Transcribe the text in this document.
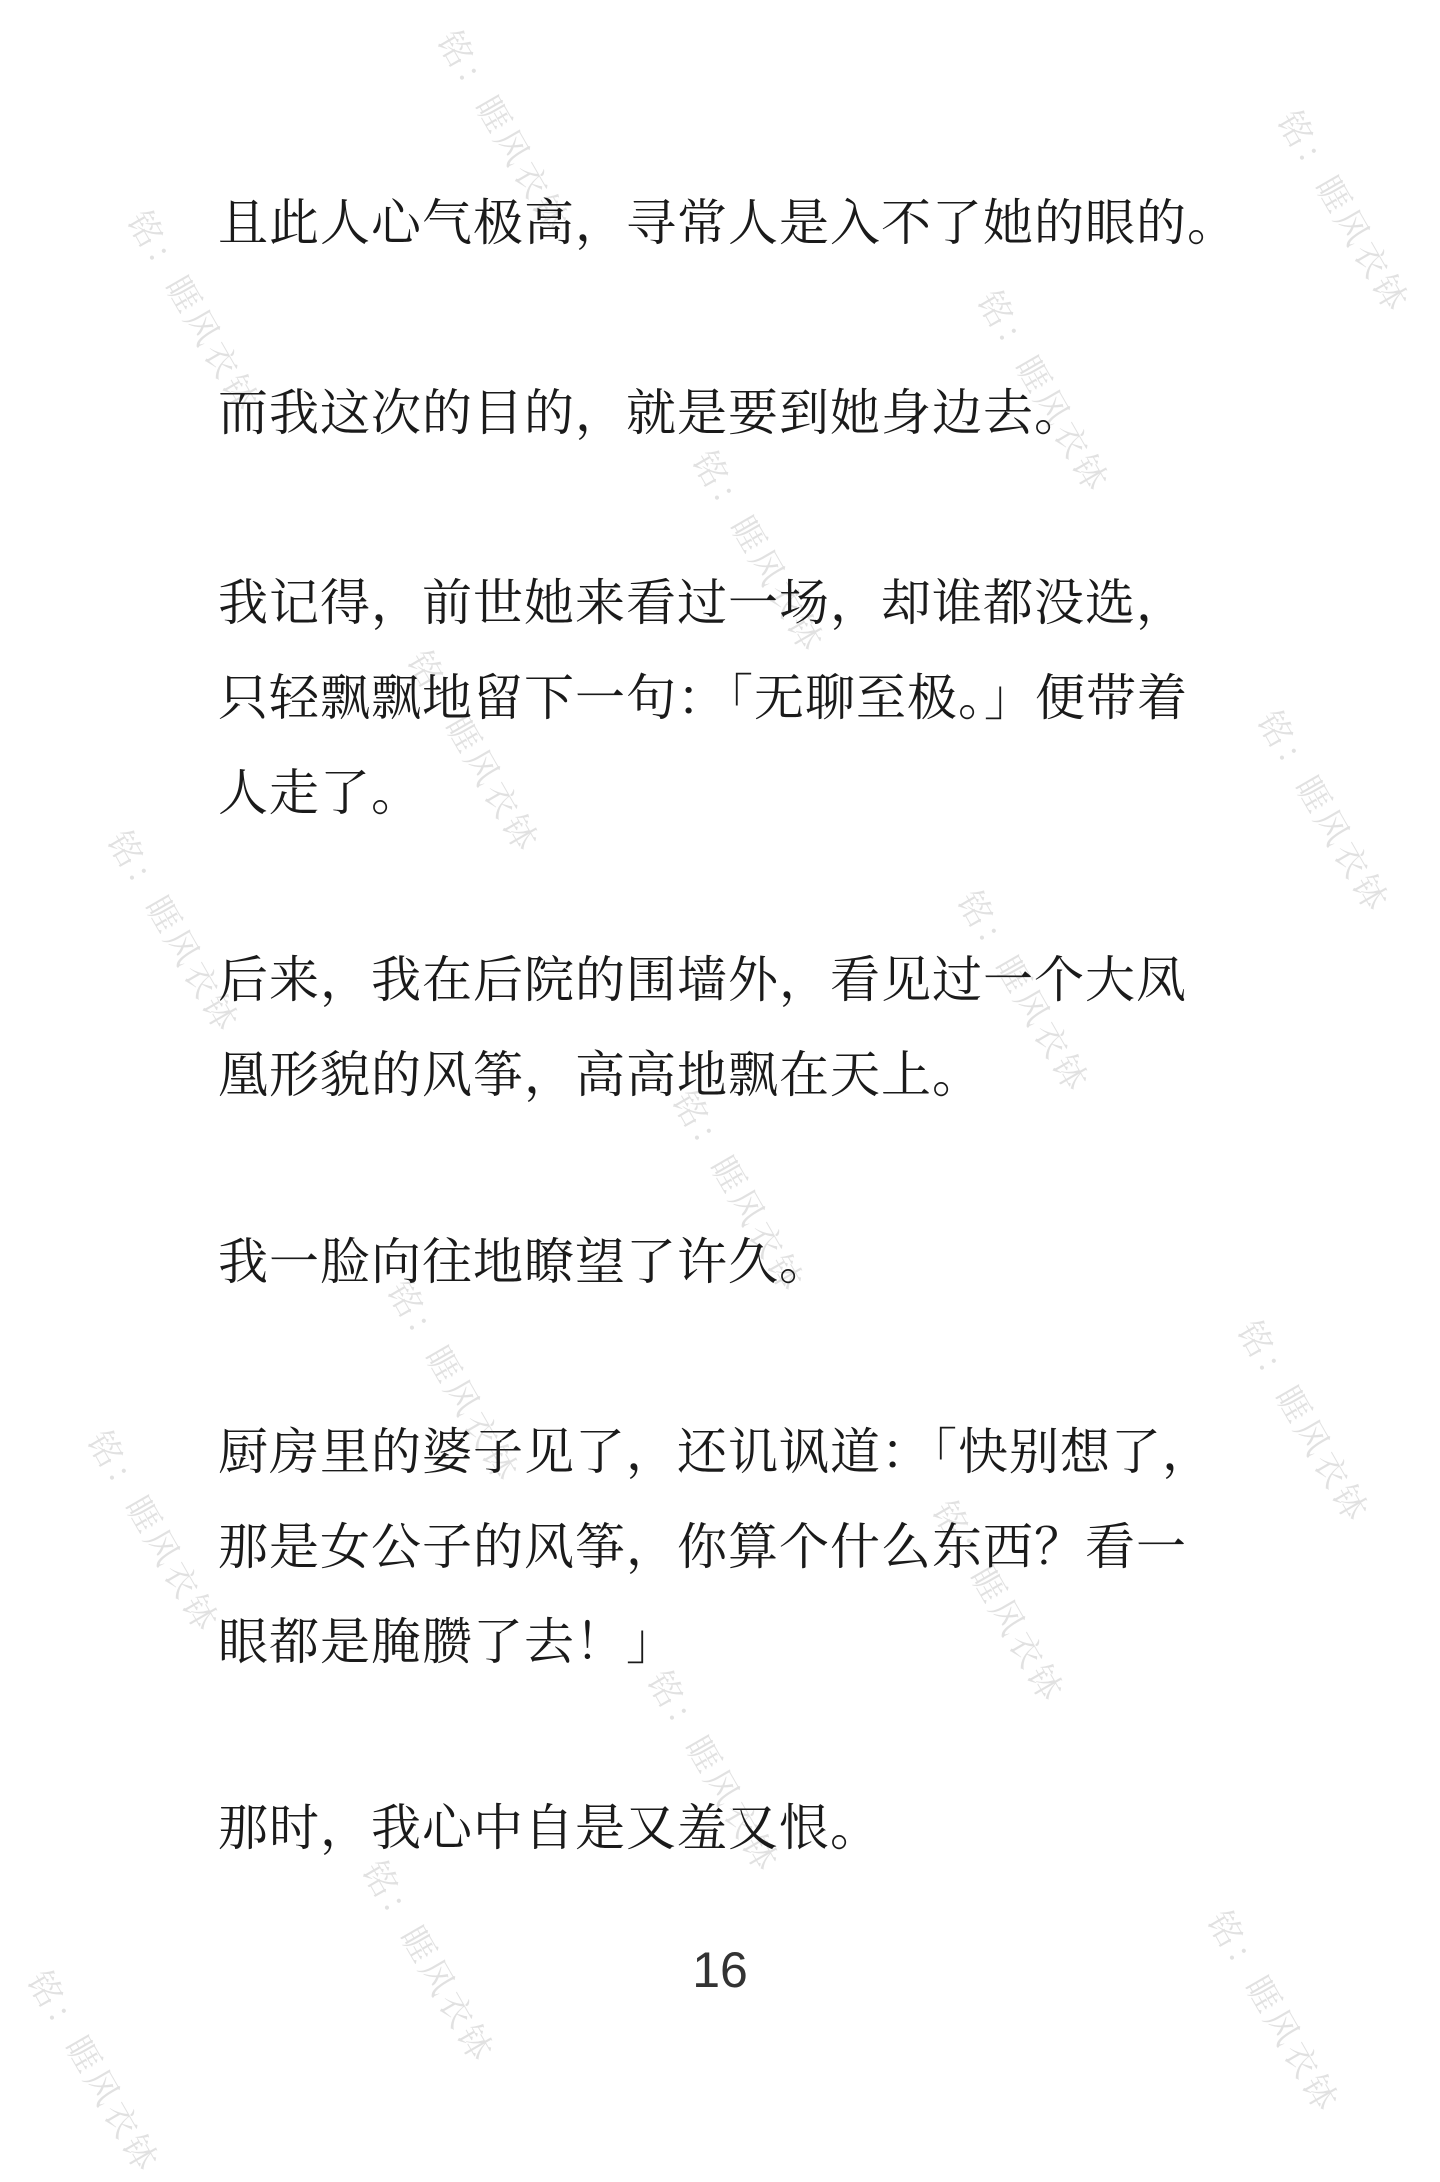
铭：睚风衣钵	铭：睚风衣钵
铭：睚风衣钵	铭：睚风衣钵
铭：睚风衣钵
铭：睚风衣钵	铭：睚风衣钵
铭：睚风衣钵	铭：睚风衣钵
铭：睚风衣钵
铭：睚风衣钵	铭：睚风衣钵
铭：睚风衣钵	铭：睚风衣钵
铭：睚风衣钵
铭：睚风衣钵	铭：睚风衣钵
铭：睚风衣钵

且此人心气极高，寻常人是入不了她的眼的。

而我这次的目的，就是要到她身边去。

我记得，前世她来看过一场，却谁都没选，
只轻飘飘地留下一句：「无聊至极。」便带着
人走了。

后来，我在后院的围墙外，看见过一个大凤
凰形貌的风筝，高高地飘在天上。

我一脸向往地瞭望了许久。

厨房里的婆子见了，还讥讽道：「快别想了，
那是女公子的风筝，你算个什么东西？看一
眼都是腌臜了去！」

那时，我心中自是又羞又恨。

16
